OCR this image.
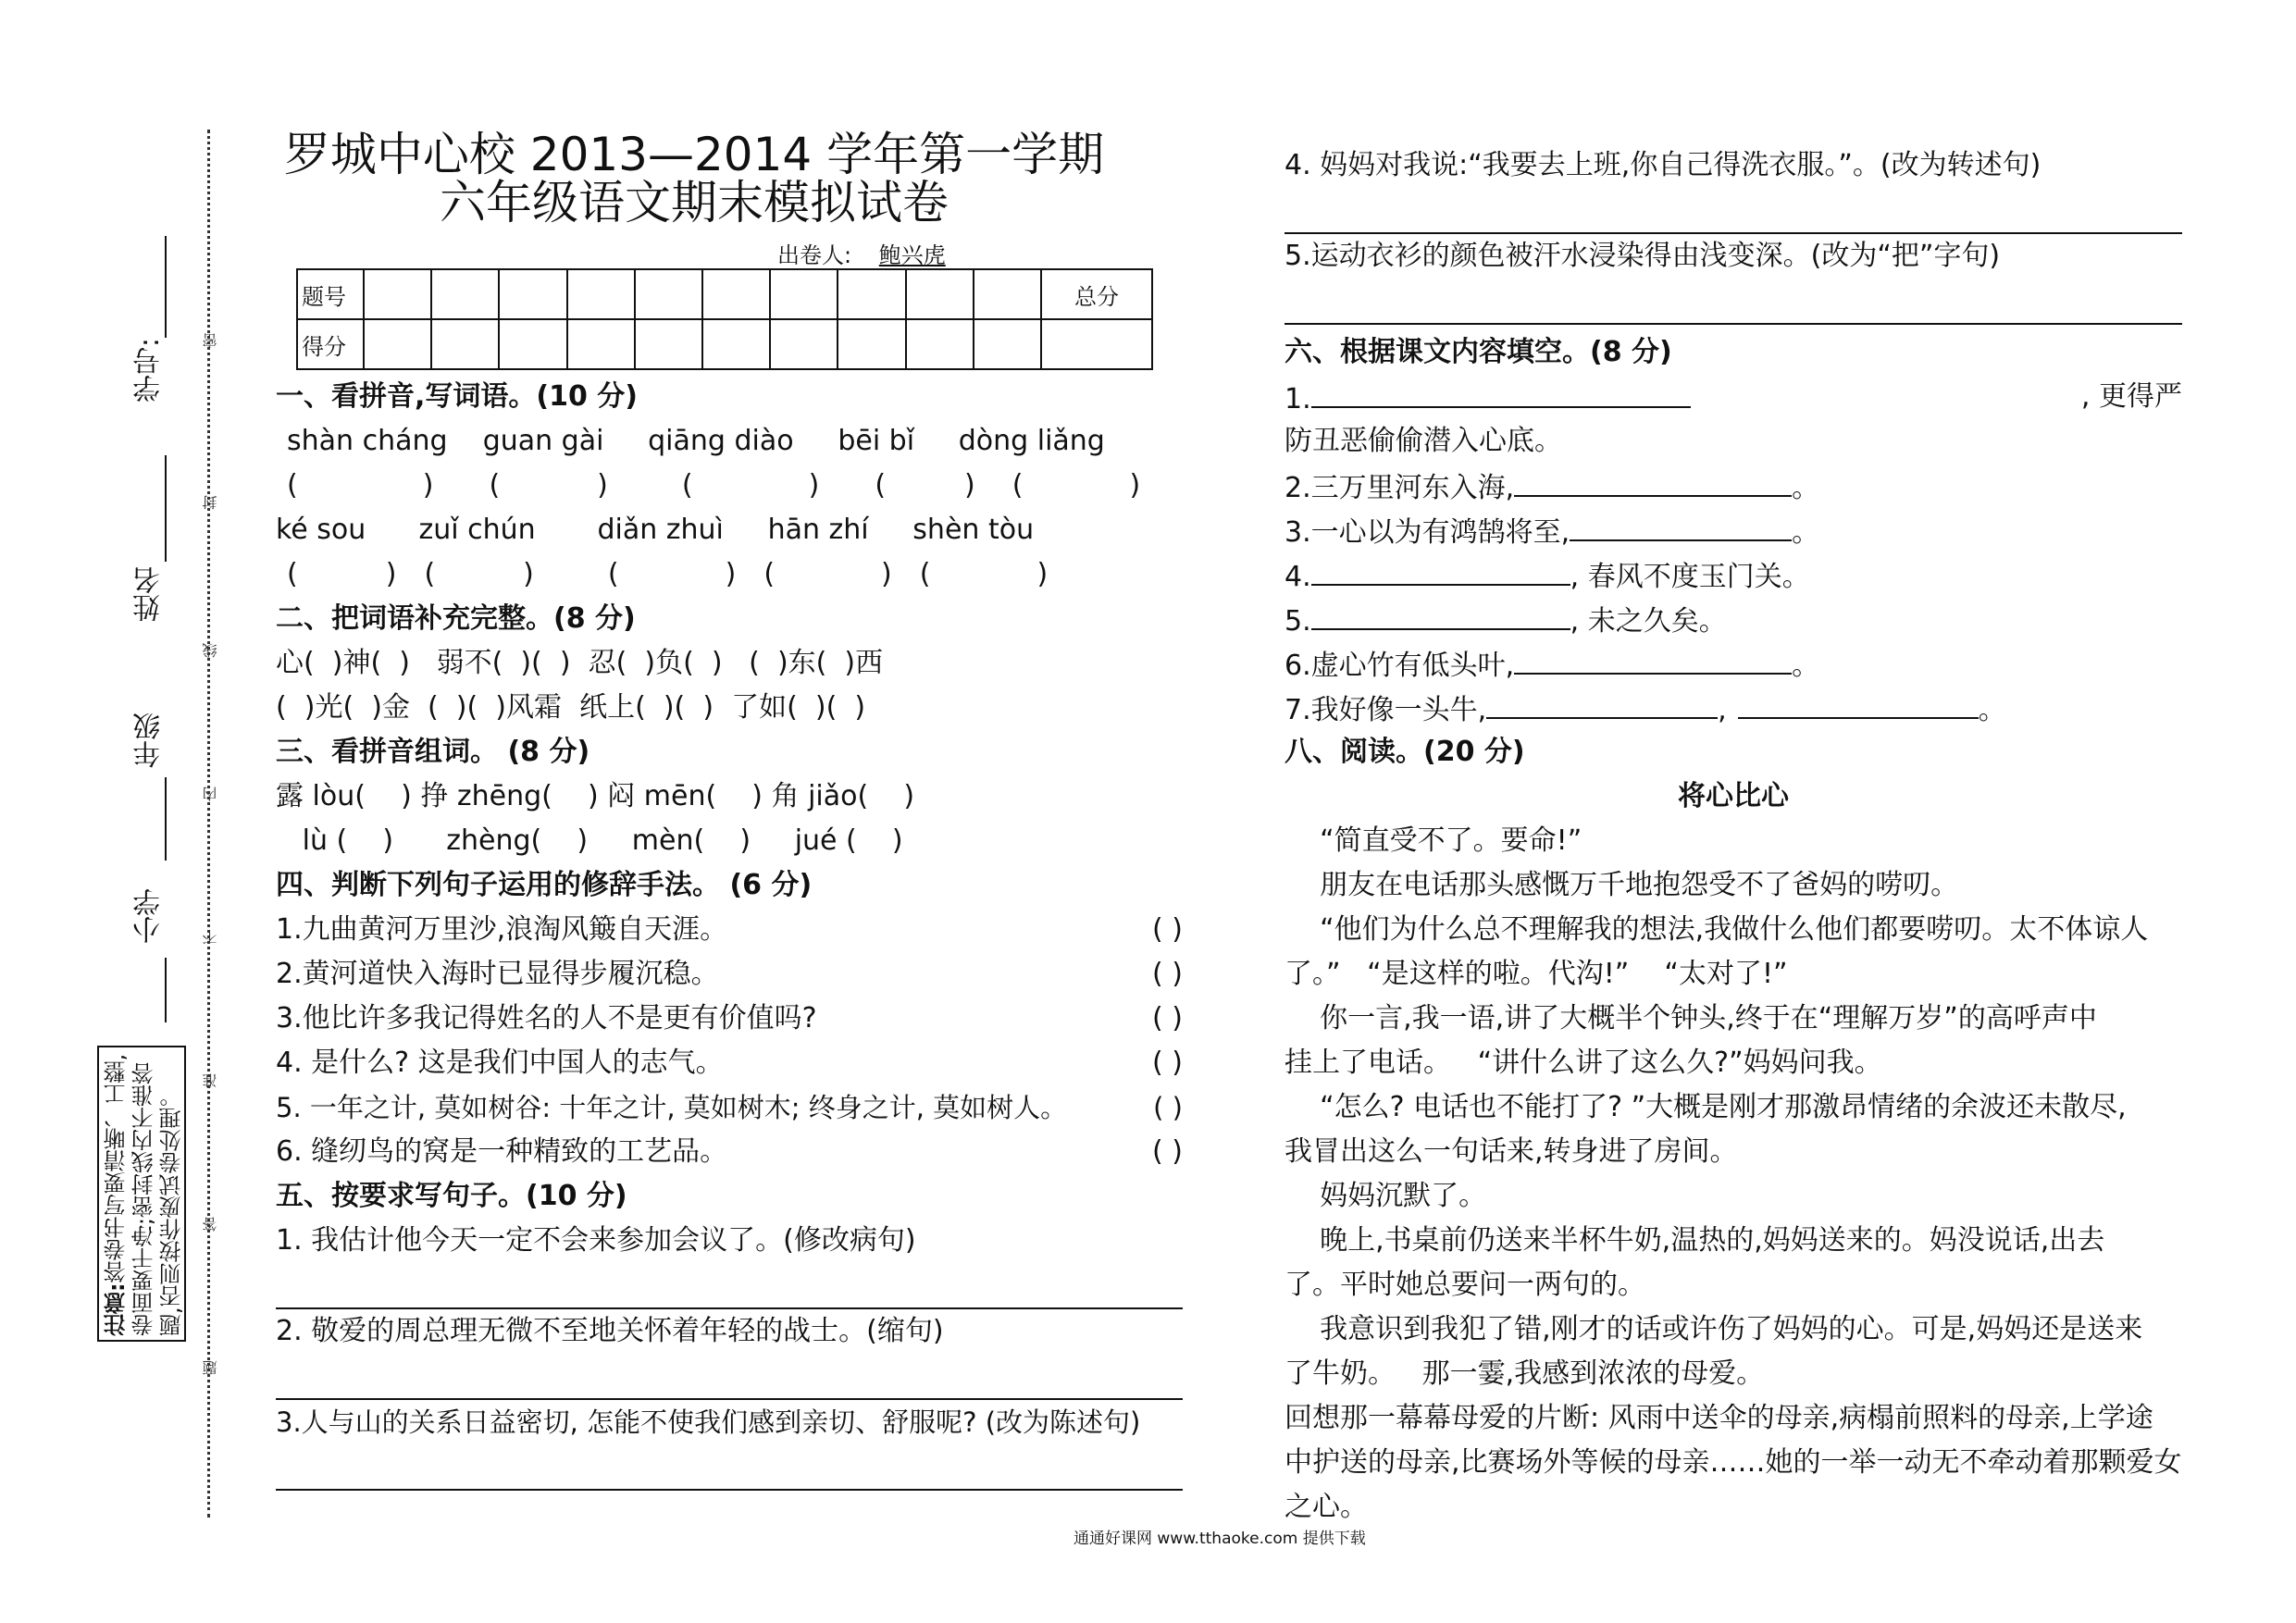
学号:
姓名
年级
小学
密
封
线
内
不
准
答
题
注意:答卷书写要清晰、工整,卷面要干净;密封线内不准答题,否则按作废试卷处理。
罗城中心校 2013—2014 学年第一学期
六年级语文期末模拟试卷
出卷人: 鲍兴虎
题号											总分
得分											
一、看拼音,写词语。(10 分)
shàn cháng guan gài qiāng diào bēi bǐ dòng liǎng
(	) (	)	(	) (	) (	)
ké sou zuǐ chún diǎn zhuì hān zhí shèn tòu
(	) (	)	(	) (	) (	)
二、把词语补充完整。(8 分)
心(  )神(  )   弱不(  )(  )  忍(  )负(  )   (  )东(  )西
(  )光(  )金  (  )(  )风霜  纸上(  )(  )  了如(  )(  )
三、看拼音组词。 (8 分)
露 lòu(    ) 挣 zhēng(    ) 闷 mēn(    ) 角 jiǎo(    )
lù (    )      zhèng(    )     mèn(    )     jué (    )
四、判断下列句子运用的修辞手法。 (6 分)
1.九曲黄河万里沙,浪淘风簸自天涯。	( )
2.黄河道快入海时已显得步履沉稳。	( )
3.他比许多我记得姓名的人不是更有价值吗?	( )
4. 是什么? 这是我们中国人的志气。	( )
5. 一年之计, 莫如树谷: 十年之计, 莫如树木; 终身之计, 莫如树人。	( )
6. 缝纫鸟的窝是一种精致的工艺品。	( )
五、按要求写句子。(10 分)
1. 我估计他今天一定不会来参加会议了。(修改病句)
2. 敬爱的周总理无微不至地关怀着年轻的战士。(缩句)
3.人与山的关系日益密切, 怎能不使我们感到亲切、舒服呢? (改为陈述句)
4. 妈妈对我说:“我要去上班,你自己得洗衣服。”。(改为转述句)
5.运动衣衫的颜色被汗水浸染得由浅变深。(改为“把”字句)
六、根据课文内容填空。(8 分)
1.	, 更得严
防丑恶偷偷潜入心底。
2.三万里河东入海,	。
3.一心以为有鸿鹄将至,	。
4.	, 春风不度玉门关。
5.	, 未之久矣。
6.虚心竹有低头叶,	。
7.我好像一头牛,	,	。
八、阅读。(20 分)
将心比心
“简直受不了。要命!”
朋友在电话那头感慨万千地抱怨受不了爸妈的唠叨。
“他们为什么总不理解我的想法,我做什么他们都要唠叨。太不体谅人
了。”   “是这样的啦。代沟!”    “太对了!”
你一言,我一语,讲了大概半个钟头,终于在“理解万岁”的高呼声中
挂上了电话。   “讲什么讲了这么久?”妈妈问我。
“怎么? 电话也不能打了? ”大概是刚才那激昂情绪的余波还未散尽,
我冒出这么一句话来,转身进了房间。
妈妈沉默了。
晚上,书桌前仍送来半杯牛奶,温热的,妈妈送来的。妈没说话,出去
了。平时她总要问一两句的。
我意识到我犯了错,刚才的话或许伤了妈妈的心。可是,妈妈还是送来
了牛奶。   那一霎,我感到浓浓的母爱。
回想那一幕幕母爱的片断: 风雨中送伞的母亲,病榻前照料的母亲,上学途
中护送的母亲,比赛场外等候的母亲……她的一举一动无不牵动着那颗爱女
之心。
通通好课网 www.tthaoke.com 提供下载
